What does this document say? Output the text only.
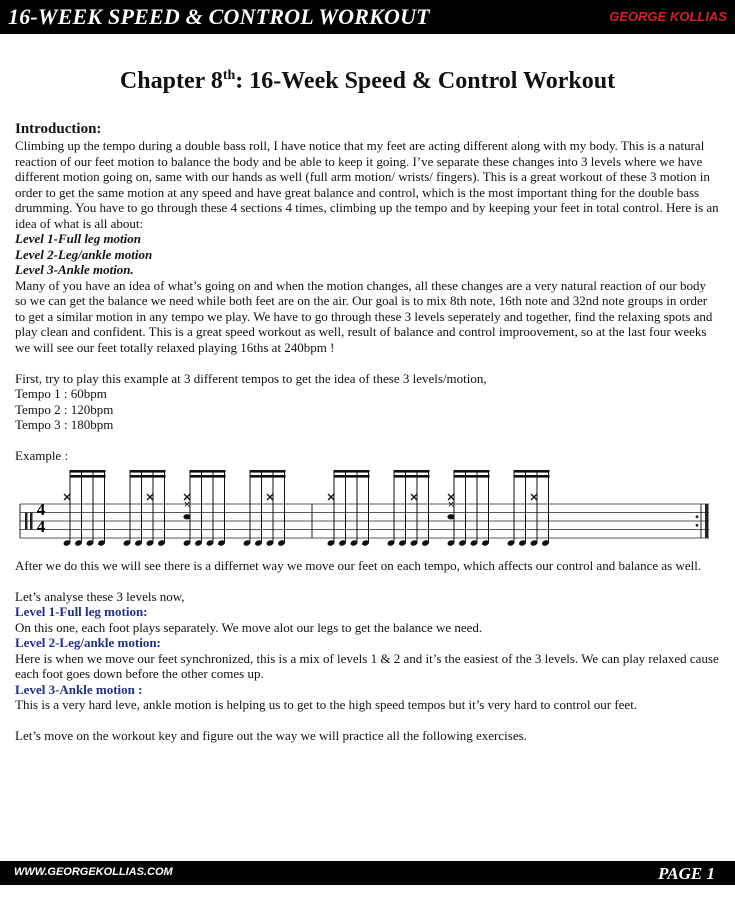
16-WEEK SPEED & CONTROL WORKOUT	GEORGE KOLLIAS
Chapter 8th: 16-Week Speed & Control Workout

Introduction:

Climbing up the tempo during a double bass roll, I have notice that my feet are acting different along with my body. This is a natural reaction of our feet motion to balance the body and be able to keep it going. I’ve separate these changes into 3 levels where we have different motion going on, same with our hands as well (full arm motion/ wrists/ fingers). This is a great workout of these 3 motion in order to get the same motion at any speed and have great balance and control, which is the most important thing for the double bass drumming. You have to go through these 4 sections 4 times, climbing up the tempo and by keeping your feet in total control. Here is an idea of what is all about:

Level 1-Full leg motion

Level 2-Leg/ankle motion

Level 3-Ankle motion.

Many of you have an idea of what’s going on and when the motion changes, all these changes are a very natural reaction of our body so we can get the balance we need while both feet are on the air. Our goal is to mix 8th note, 16th note and 32nd note groups in order to get a similar motion in any tempo we play. We have to go through these 3 levels seperately and together, find the relaxing spots and play clean and confident. This is a great speed workout as well, result of balance and control improovement, so at the last four weeks we will see our feet totally relaxed playing 16ths at 240bpm !

First, try to play this example at 3 different tempos to get the idea of these 3 levels/motion,

Tempo 1 : 60bpm

Tempo 2 : 120bpm

Tempo 3 : 180bpm

Example :

4
4
×	×

After we do this we will see there is a differnet way we move our feet on each tempo, which affects our control and balance as well.

Let’s analyse these 3 levels now,

Level 1-Full leg motion:

On this one, each foot plays separately. We move alot our legs to get the balance we need.

Level 2-Leg/ankle motion:

Here is when we move our feet synchronized, this is a mix of levels 1 & 2 and it’s the easiest of the 3 levels. We can play relaxed cause each foot goes down before the other comes up.

Level 3-Ankle motion :

This is a very hard leve, ankle motion is helping us to get to the high speed tempos but it’s very hard to control our feet.

Let’s move on the workout key and figure out the way we will practice all the following exercises.

WWW.GEORGEKOLLIAS.COM	PAGE 1
